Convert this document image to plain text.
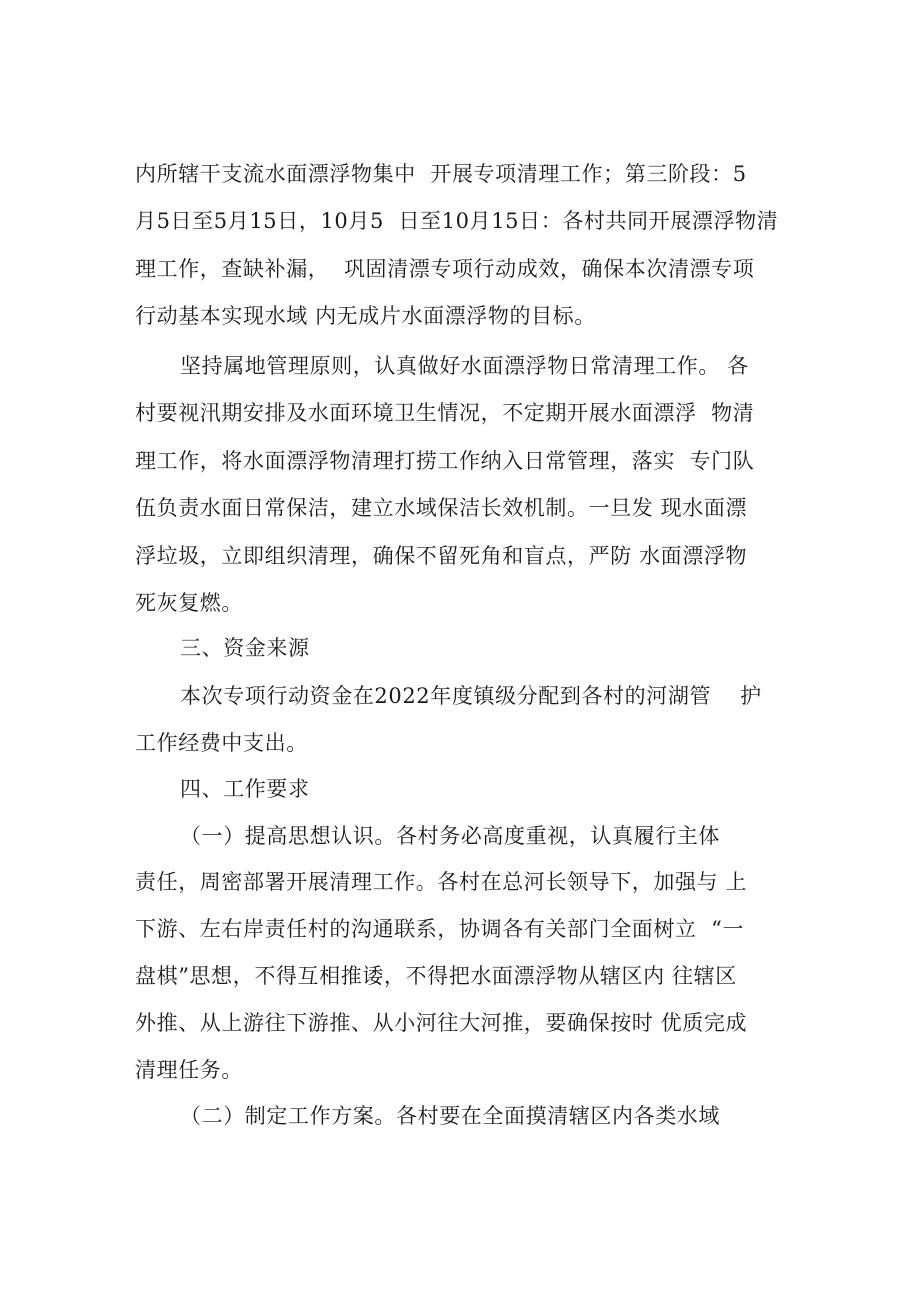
内所辖干支流水面漂浮物集中  开展专项清理工作；第三阶段：5
月5日至5月15日，10月5  日至10月15日：各村共同开展漂浮物清
理工作，查缺补漏，  巩固清漂专项行动成效，确保本次清漂专项
行动基本实现水域 内无成片水面漂浮物的目标。
坚持属地管理原则，认真做好水面漂浮物日常清理工作。 各
村要视汛期安排及水面环境卫生情况，不定期开展水面漂浮  物清
理工作，将水面漂浮物清理打捞工作纳入日常管理，落实  专门队
伍负责水面日常保洁，建立水域保洁长效机制。一旦发 现水面漂
浮垃圾，立即组织清理，确保不留死角和盲点，严防 水面漂浮物
死灰复燃。
三、资金来源
本次专项行动资金在2022年度镇级分配到各村的河湖管    护
工作经费中支出。
四、工作要求
（一）提高思想认识。各村务必高度重视，认真履行主体
责任，周密部署开展清理工作。各村在总河长领导下，加强与 上
下游、左右岸责任村的沟通联系，协调各有关部门全面树立  “一
盘棋”思想，不得互相推诿，不得把水面漂浮物从辖区内 往辖区
外推、从上游往下游推、从小河往大河推，要确保按时 优质完成
清理任务。
（二）制定工作方案。各村要在全面摸清辖区内各类水域
